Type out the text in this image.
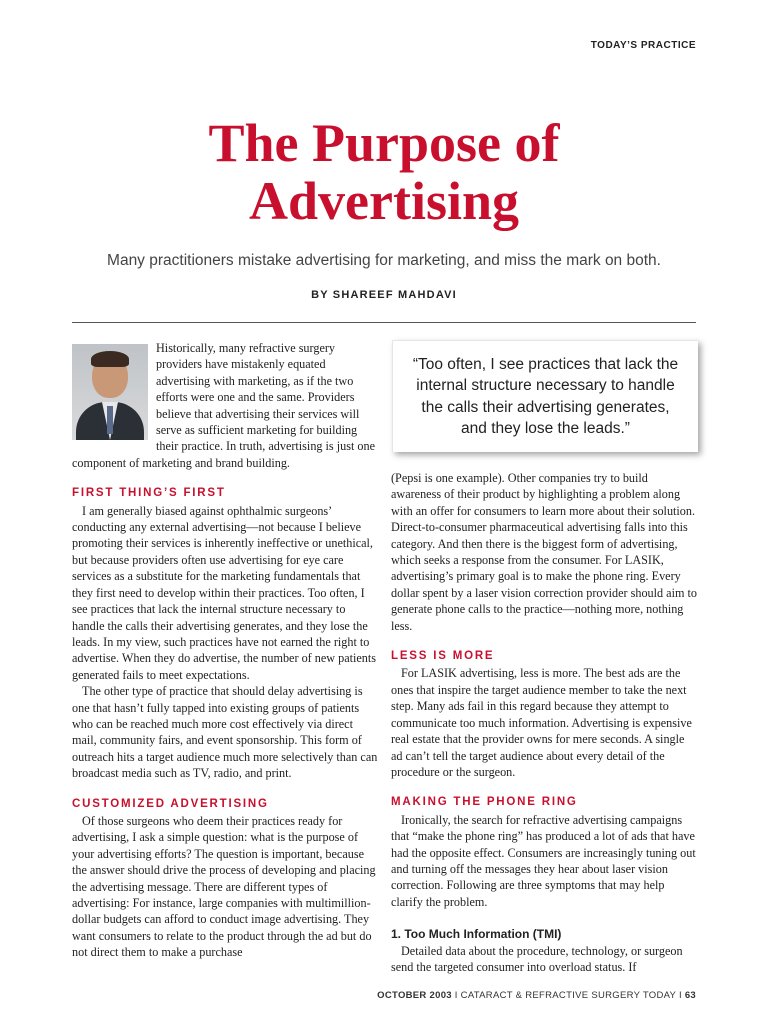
TODAY’S PRACTICE
The Purpose of
Advertising
Many practitioners mistake advertising for marketing, and miss the mark on both.
BY SHAREEF MAHDAVI

Historically, many refractive surgery providers have mistakenly equated advertising with marketing, as if the two efforts were one and the same. Providers believe that advertising their services will serve as sufficient marketing for building their practice. In truth, advertising is just one component of marketing and brand building.

FIRST THING’S FIRST

I am generally biased against ophthalmic surgeons’ conducting any external advertising—not because I believe promoting their services is inherently ineffective or unethical, but because providers often use advertising for eye care services as a substitute for the marketing fundamentals that they first need to develop within their practices. Too often, I see practices that lack the internal structure necessary to handle the calls their advertising generates, and they lose the leads. In my view, such practices have not earned the right to advertise. When they do advertise, the number of new patients generated fails to meet expectations.

The other type of practice that should delay advertising is one that hasn’t fully tapped into existing groups of patients who can be reached much more cost effectively via direct mail, community fairs, and event sponsorship. This form of outreach hits a target audience much more selectively than can broadcast media such as TV, radio, and print.

CUSTOMIZED ADVERTISING

Of those surgeons who deem their practices ready for advertising, I ask a simple question: what is the purpose of your advertising efforts? The question is important, because the answer should drive the process of developing and placing the advertising message. There are different types of advertising: For instance, large companies with multimillion-dollar budgets can afford to conduct image advertising. They want consumers to relate to the product through the ad but do not direct them to make a purchase

“Too often, I see practices that lack the internal structure necessary to handle the calls their advertising generates, and they lose the leads.”

(Pepsi is one example). Other companies try to build awareness of their product by highlighting a problem along with an offer for consumers to learn more about their solution. Direct-to-consumer pharmaceutical advertising falls into this category. And then there is the biggest form of advertising, which seeks a response from the consumer. For LASIK, advertising’s primary goal is to make the phone ring. Every dollar spent by a laser vision correction provider should aim to generate phone calls to the practice—nothing more, nothing less.

LESS IS MORE

For LASIK advertising, less is more. The best ads are the ones that inspire the target audience member to take the next step. Many ads fail in this regard because they attempt to communicate too much information. Advertising is expensive real estate that the provider owns for mere seconds. A single ad can’t tell the target audience about every detail of the procedure or the surgeon.

MAKING THE PHONE RING

Ironically, the search for refractive advertising campaigns that “make the phone ring” has produced a lot of ads that have had the opposite effect. Consumers are increasingly tuning out and turning off the messages they hear about laser vision correction. Following are three symptoms that may help clarify the problem.

1. Too Much Information (TMI)

Detailed data about the procedure, technology, or surgeon send the targeted consumer into overload status. If

OCTOBER 2003 I CATARACT & REFRACTIVE SURGERY TODAY I 63
